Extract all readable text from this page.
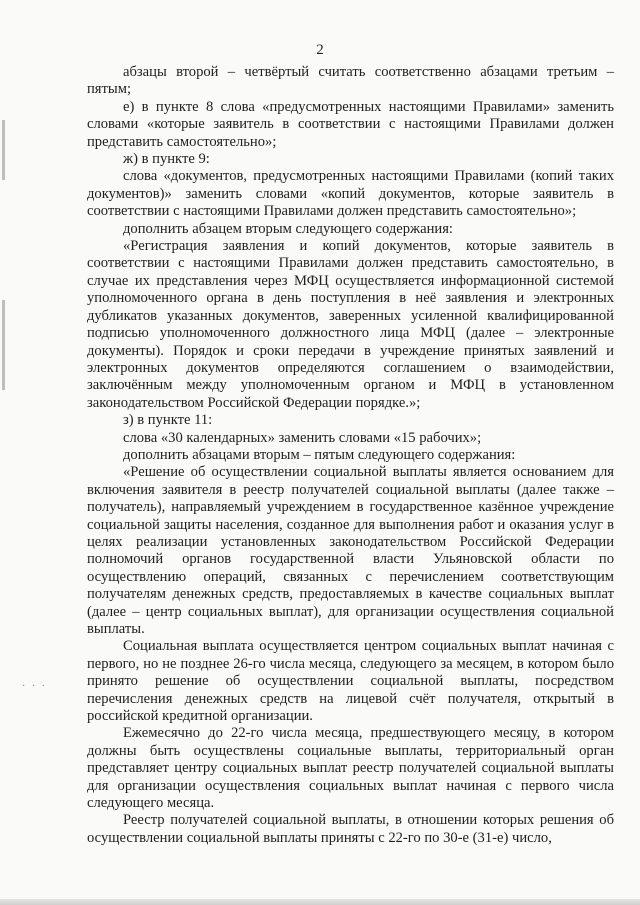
· · ·
2

абзацы второй – четвёртый считать соответственно абзацами третьим – пятым;

е) в пункте 8 слова «предусмотренных настоящими Правилами» заменить словами «которые заявитель в соответствии с настоящими Правилами должен представить самостоятельно»;

ж) в пункте 9:

слова «документов, предусмотренных настоящими Правилами (копий таких документов)» заменить словами «копий документов, которые заявитель в соответствии с настоящими Правилами должен представить самостоятельно»;

дополнить абзацем вторым следующего содержания:

«Регистрация заявления и копий документов, которые заявитель в соответствии с настоящими Правилами должен представить самостоятельно, в случае их представления через МФЦ осуществляется информационной системой уполномоченного органа в день поступления в неё заявления и электронных дубликатов указанных документов, заверенных усиленной квалифицированной подписью уполномоченного должностного лица МФЦ (далее – электронные документы). Порядок и сроки передачи в учреждение принятых заявлений и электронных документов определяются соглашением о взаимодействии, заключённым между уполномоченным органом и МФЦ в установленном законодательством Российской Федерации порядке.»;

з) в пункте 11:

слова «30 календарных» заменить словами «15 рабочих»;

дополнить абзацами вторым – пятым следующего содержания:

«Решение об осуществлении социальной выплаты является основанием для включения заявителя в реестр получателей социальной выплаты (далее также – получатель), направляемый учреждением в государственное казённое учреждение социальной защиты населения, созданное для выполнения работ и оказания услуг в целях реализации установленных законодательством Российской Федерации полномочий органов государственной власти Ульяновской области по осуществлению операций, связанных с перечислением соответствующим получателям денежных средств, предоставляемых в качестве социальных выплат (далее – центр социальных выплат), для организации осуществления социальной выплаты.

Социальная выплата осуществляется центром социальных выплат начиная с первого, но не позднее 26-го числа месяца, следующего за месяцем, в котором было принято решение об осуществлении социальной выплаты, посредством перечисления денежных средств на лицевой счёт получателя, открытый в российской кредитной организации.

Ежемесячно до 22-го числа месяца, предшествующего месяцу, в котором должны быть осуществлены социальные выплаты, территориальный орган представляет центру социальных выплат реестр получателей социальной выплаты для организации осуществления социальных выплат начиная с первого числа следующего месяца.

Реестр получателей социальной выплаты, в отношении которых решения об осуществлении социальной выплаты приняты с 22-го по 30-е (31-е) число,
